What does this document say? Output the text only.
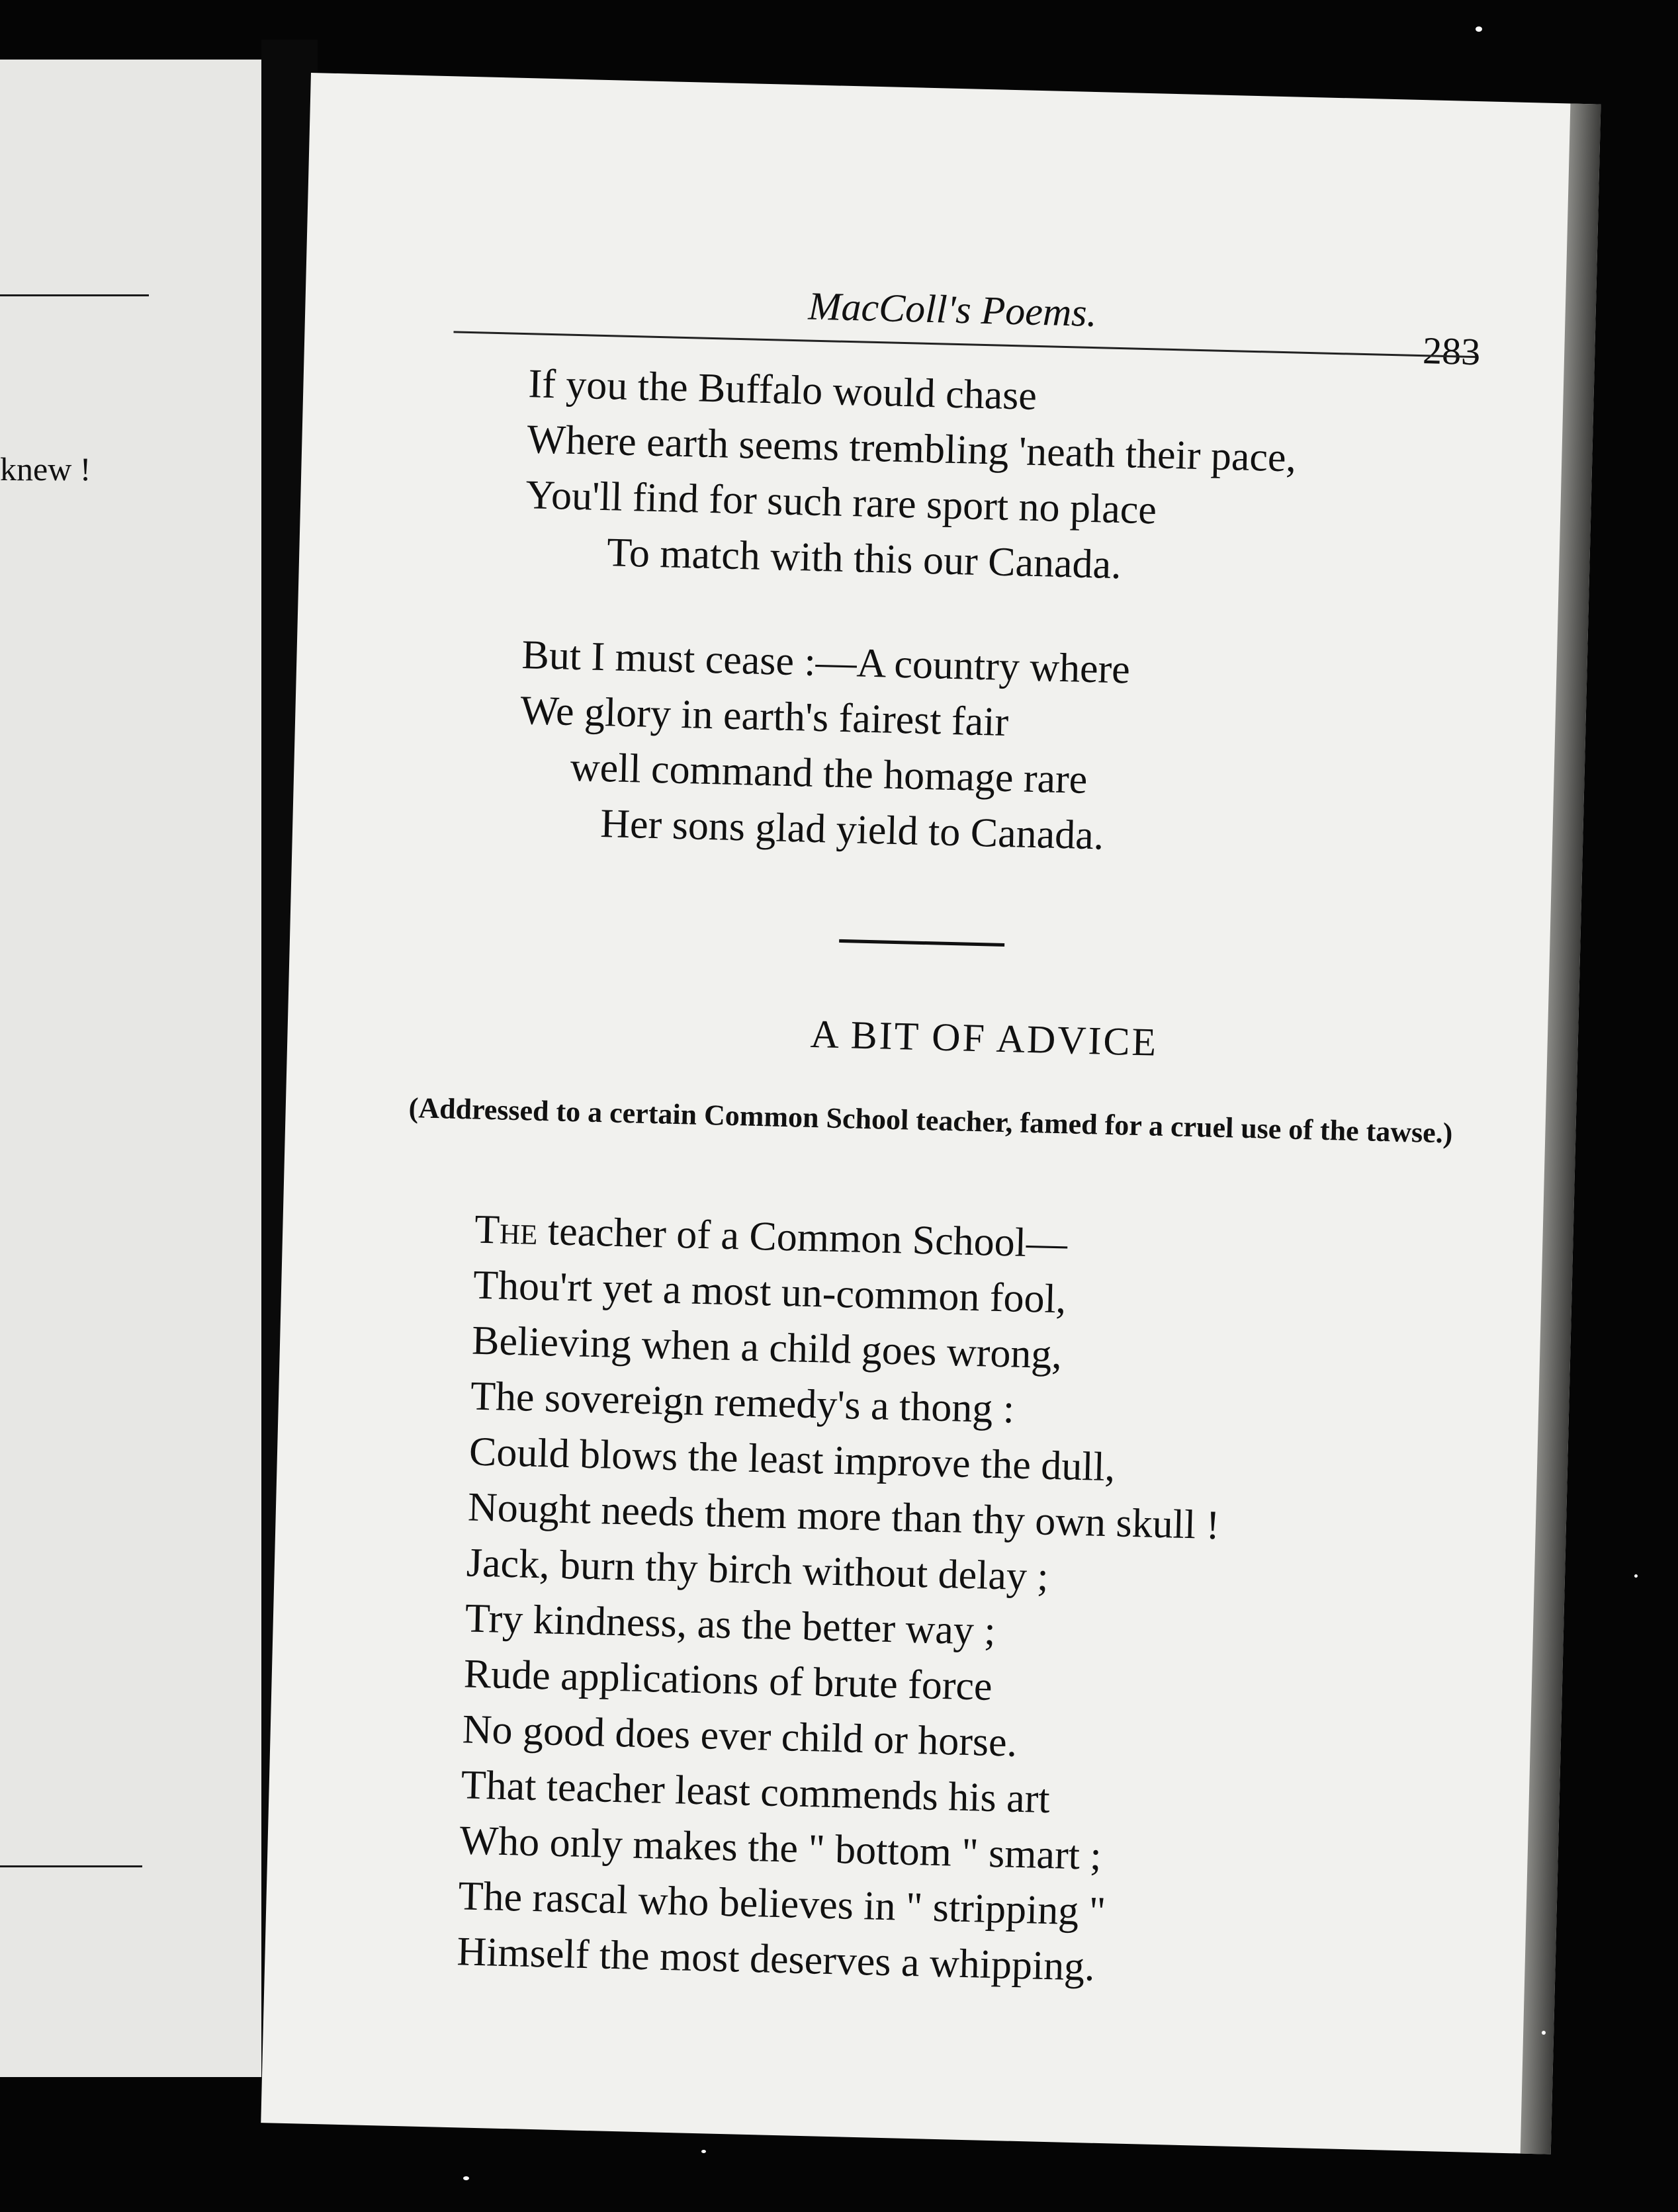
knew !
MacColl's Poems.
283
If you the Buffalo would chase
Where earth seems trembling 'neath their pace,
You'll find for such rare sport no place
To match with this our Canada.
But I must cease :—A country where
We glory in earth's fairest fair
well command the homage rare
Her sons glad yield to Canada.
A BIT OF ADVICE
(Addressed to a certain Common School teacher, famed for a cruel use of the tawse.)
The teacher of a Common School—
Thou'rt yet a most un-common fool,
Believing when a child goes wrong,
The sovereign remedy's a thong :
Could blows the least improve the dull,
Nought needs them more than thy own skull !
Jack, burn thy birch without delay ;
Try kindness, as the better way ;
Rude applications of brute force
No good does ever child or horse.
That teacher least commends his art
Who only makes the " bottom " smart ;
The rascal who believes in " stripping "
Himself the most deserves a whipping.
